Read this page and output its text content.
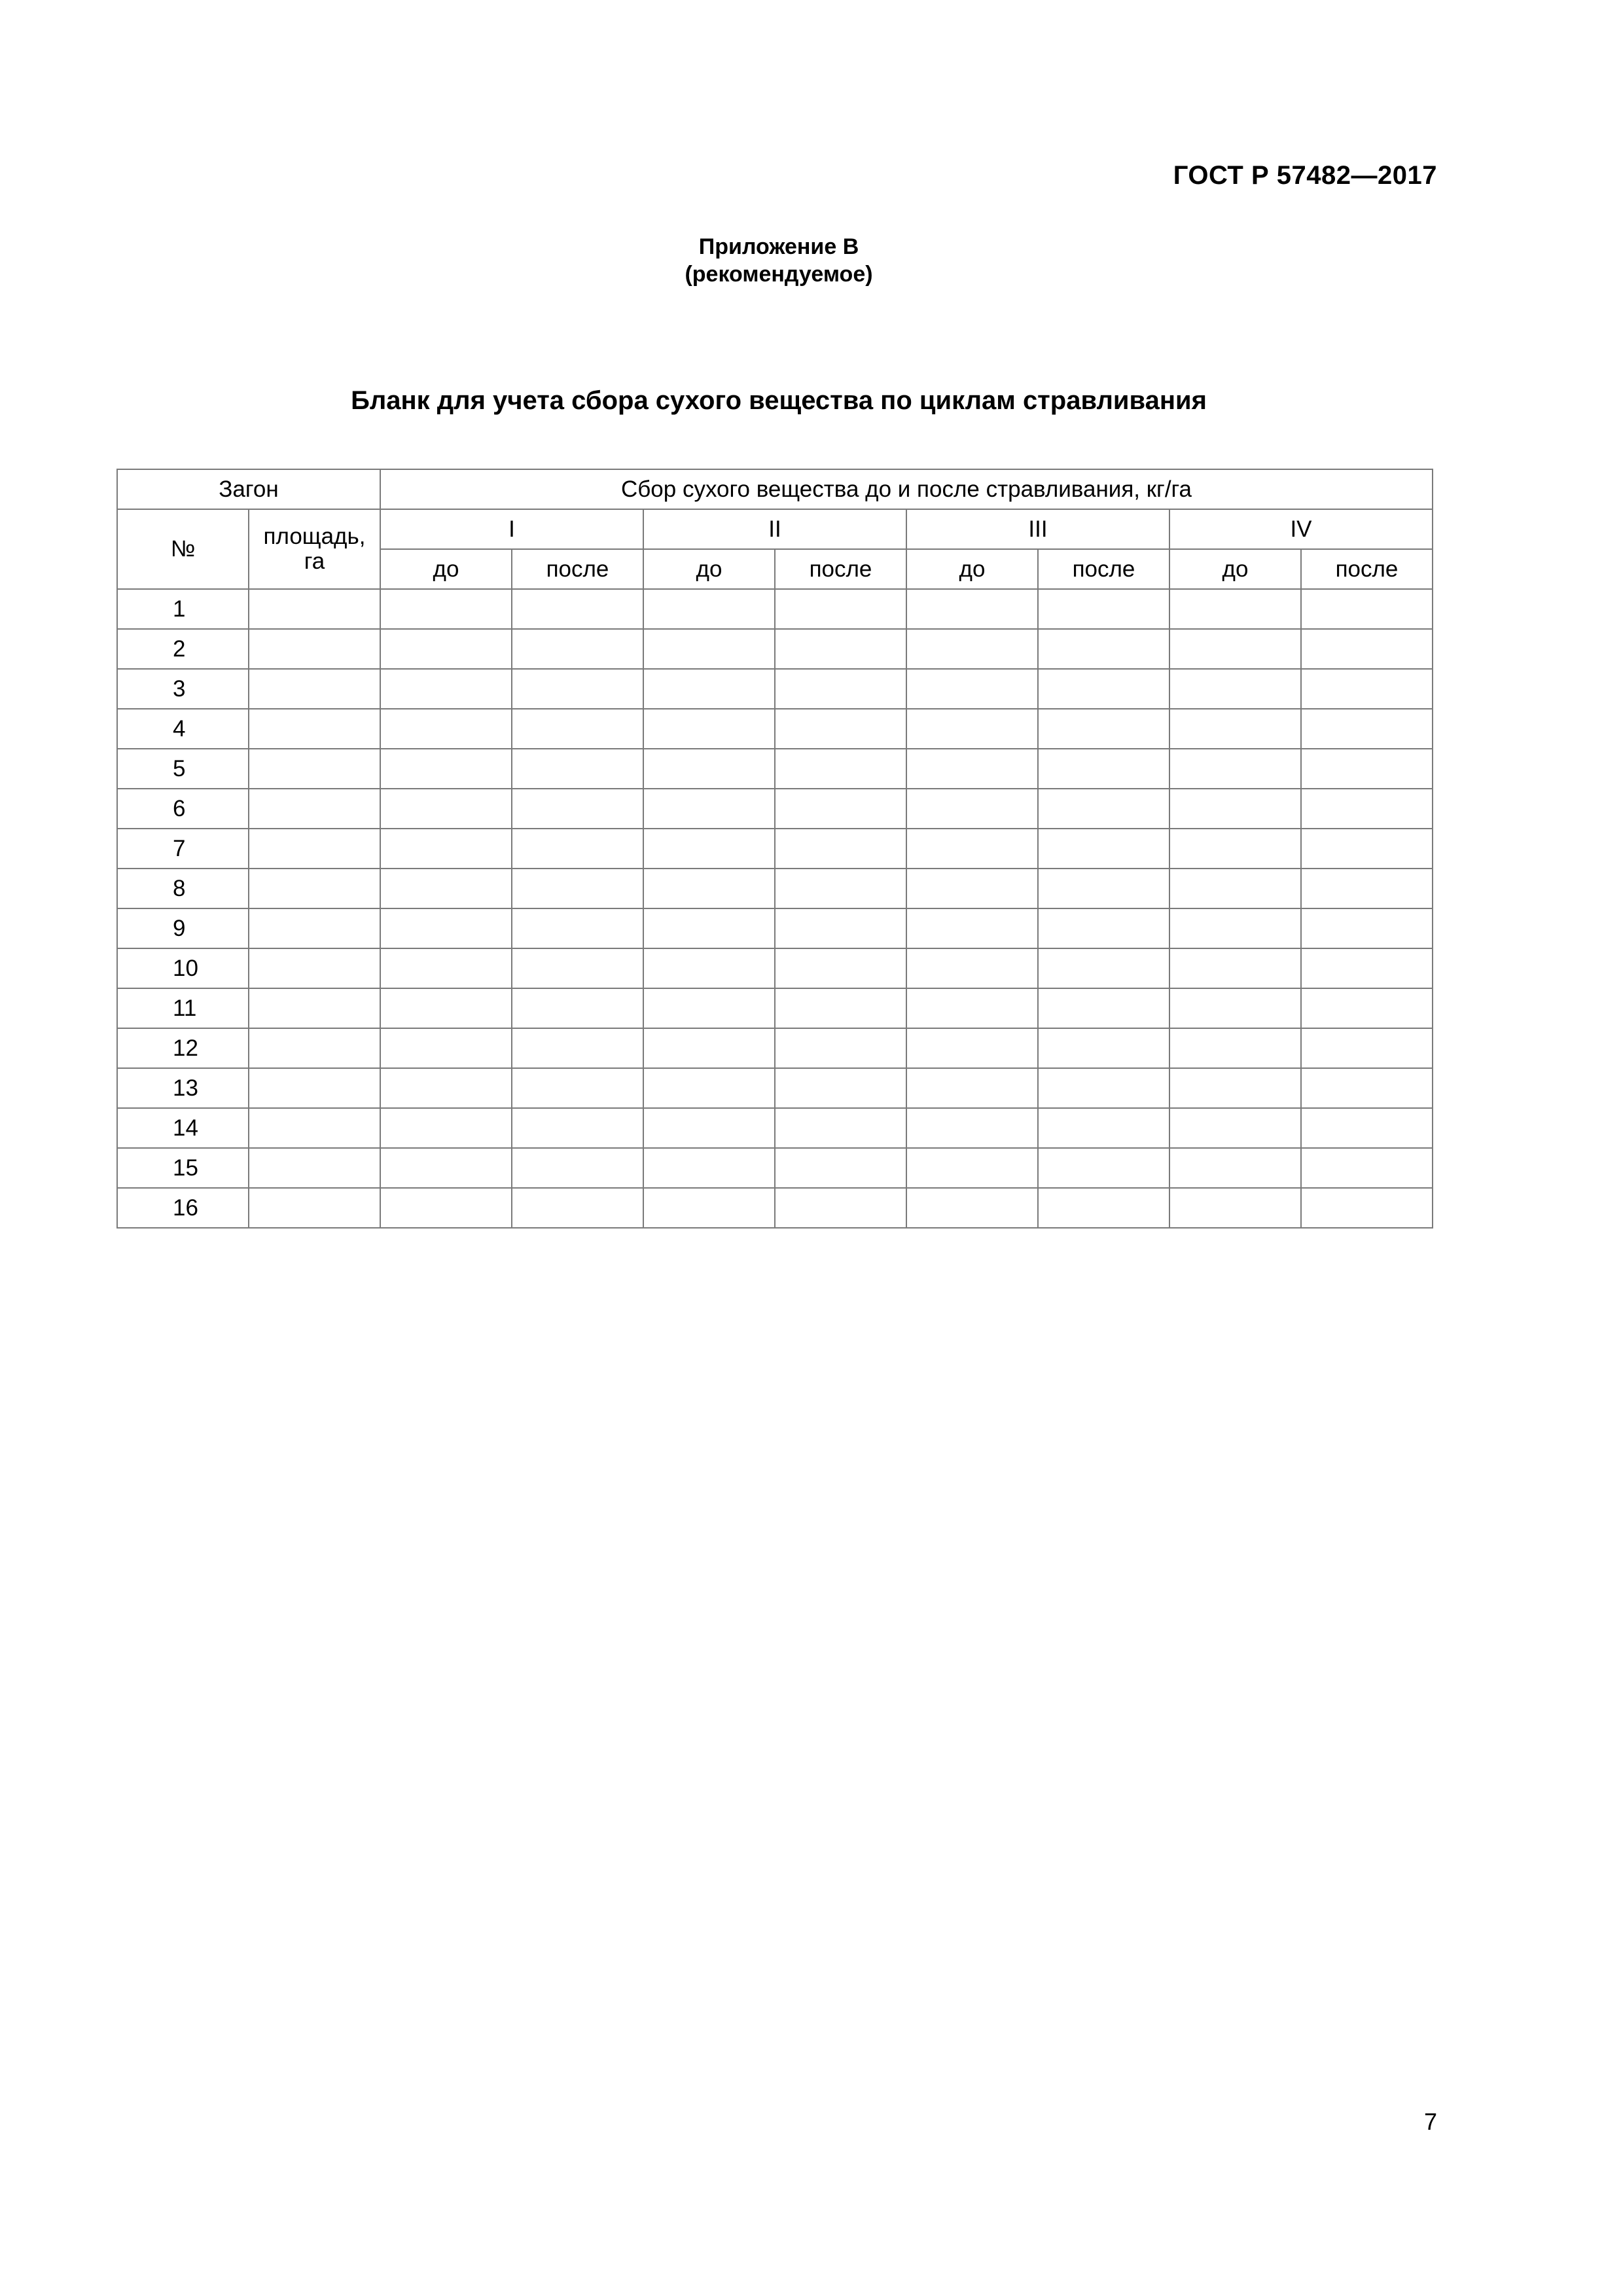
ГОСТ Р 57482—2017
Приложение В
(рекомендуемое)
Бланк для учета сбора сухого вещества по циклам стравливания
Загон		Сбор сухого вещества до и после стравливания, кг/га							
№	площадь, га	I		II		III		IV	
		до	после	до	после	до	после	до	после
1									
2									
3									
4									
5									
6									
7									
8									
9									
10									
11									
12									
13									
14									
15									
16									
7
